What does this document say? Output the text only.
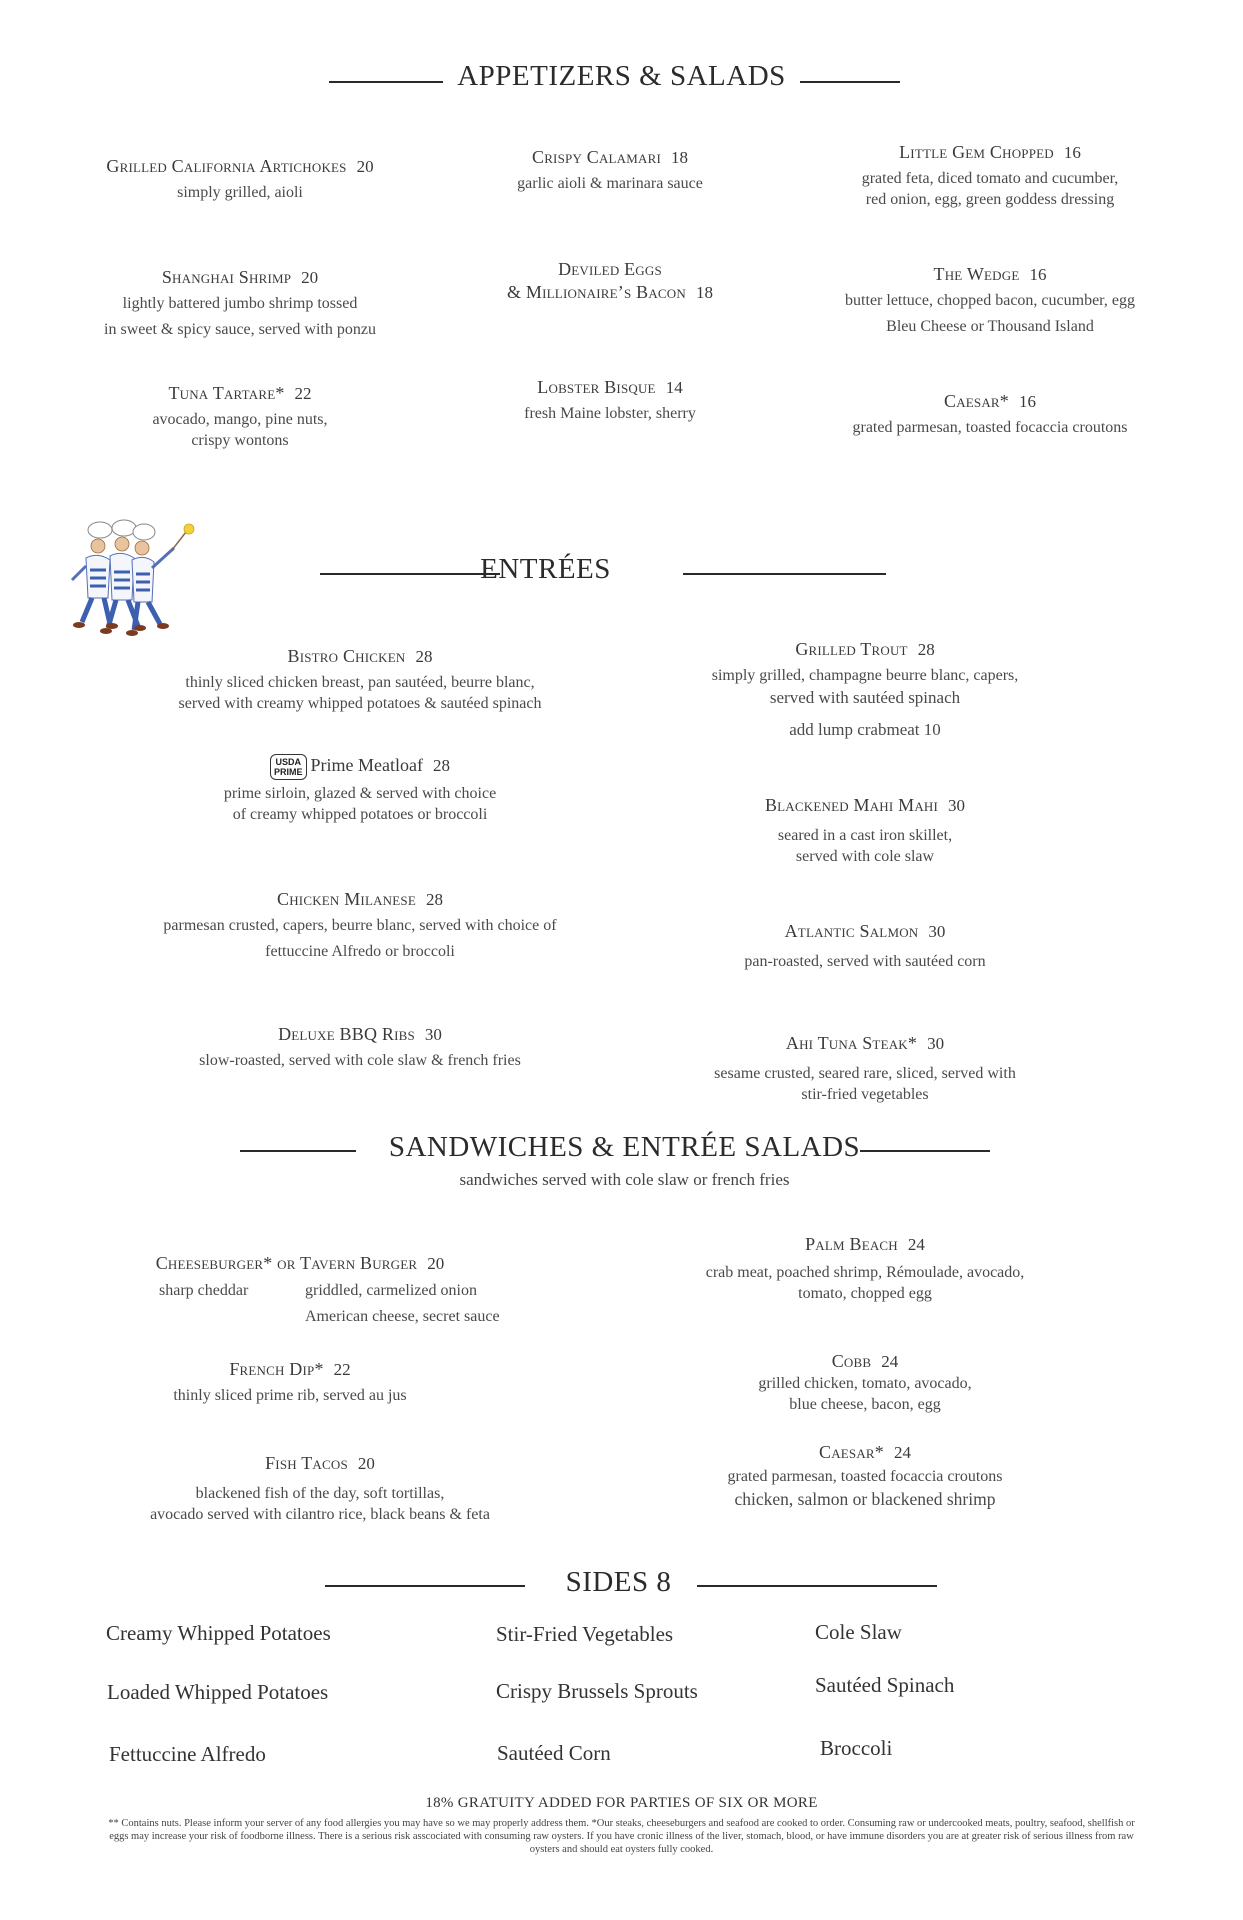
APPETIZERS & SALADS
Grilled California Artichokes 20
simply grilled, aioli
Crispy Calamari 18
garlic aioli & marinara sauce
Little Gem Chopped 16
grated feta, diced tomato and cucumber,
red onion, egg, green goddess dressing
Shanghai Shrimp 20
lightly battered jumbo shrimp tossed
in sweet & spicy sauce, served with ponzu
Deviled Eggs
& Millionaire’s Bacon 18
The Wedge 16
butter lettuce, chopped bacon, cucumber, egg
Bleu Cheese or Thousand Island
Tuna Tartare* 22
avocado, mango, pine nuts,
crispy wontons
Lobster Bisque 14
fresh Maine lobster, sherry
Caesar* 16
grated parmesan, toasted focaccia croutons
ENTRÉES
Bistro Chicken 28
thinly sliced chicken breast, pan sautéed, beurre blanc,
served with creamy whipped potatoes & sautéed spinach
Grilled Trout 28
simply grilled, champagne beurre blanc, capers,
served with sautéed spinach
add lump crabmeat 10
USDA
PRIME Prime Meatloaf 28
prime sirloin, glazed & served with choice
of creamy whipped potatoes or broccoli	Blackened Mahi Mahi 30
seared in a cast iron skillet,
served with cole slaw
Chicken Milanese 28
parmesan crusted, capers, beurre blanc, served with choice of
fettuccine Alfredo or broccoli
Atlantic Salmon 30
pan-roasted, served with sautéed corn
Deluxe BBQ Ribs 30
slow-roasted, served with cole slaw & french fries
Ahi Tuna Steak* 30
sesame crusted, seared rare, sliced, served with
stir-fried vegetables
SANDWICHES & ENTRÉE SALADS
sandwiches served with cole slaw or french fries
Cheeseburger* or Tavern Burger 20
sharp cheddar	griddled, carmelized onion
American cheese, secret sauce
Palm Beach 24
crab meat, poached shrimp, Rémoulade, avocado,
tomato, chopped egg
French Dip* 22
thinly sliced prime rib, served au jus
Cobb 24
grilled chicken, tomato, avocado,
blue cheese, bacon, egg
Fish Tacos 20
blackened fish of the day, soft tortillas,
avocado served with cilantro rice, black beans & feta
Caesar* 24
grated parmesan, toasted focaccia croutons
chicken, salmon or blackened shrimp
SIDES 8
Creamy Whipped Potatoes	Stir-Fried Vegetables	Cole Slaw
Loaded Whipped Potatoes	Crispy Brussels Sprouts	Sautéed Spinach
Fettuccine Alfredo	Sautéed Corn	Broccoli
18% GRATUITY ADDED FOR PARTIES OF SIX OR MORE
** Contains nuts. Please inform your server of any food allergies you may have so we may properly address them. *Our steaks, cheeseburgers and seafood are cooked to order. Consuming raw or undercooked meats, poultry, seafood, shellfish or eggs may increase your risk of foodborne illness. There is a serious risk asscociated with consuming raw oysters. If you have cronic illness of the liver, stomach, blood, or have immune disorders you are at greater risk of serious illness from raw oysters and should eat oysters fully cooked.
